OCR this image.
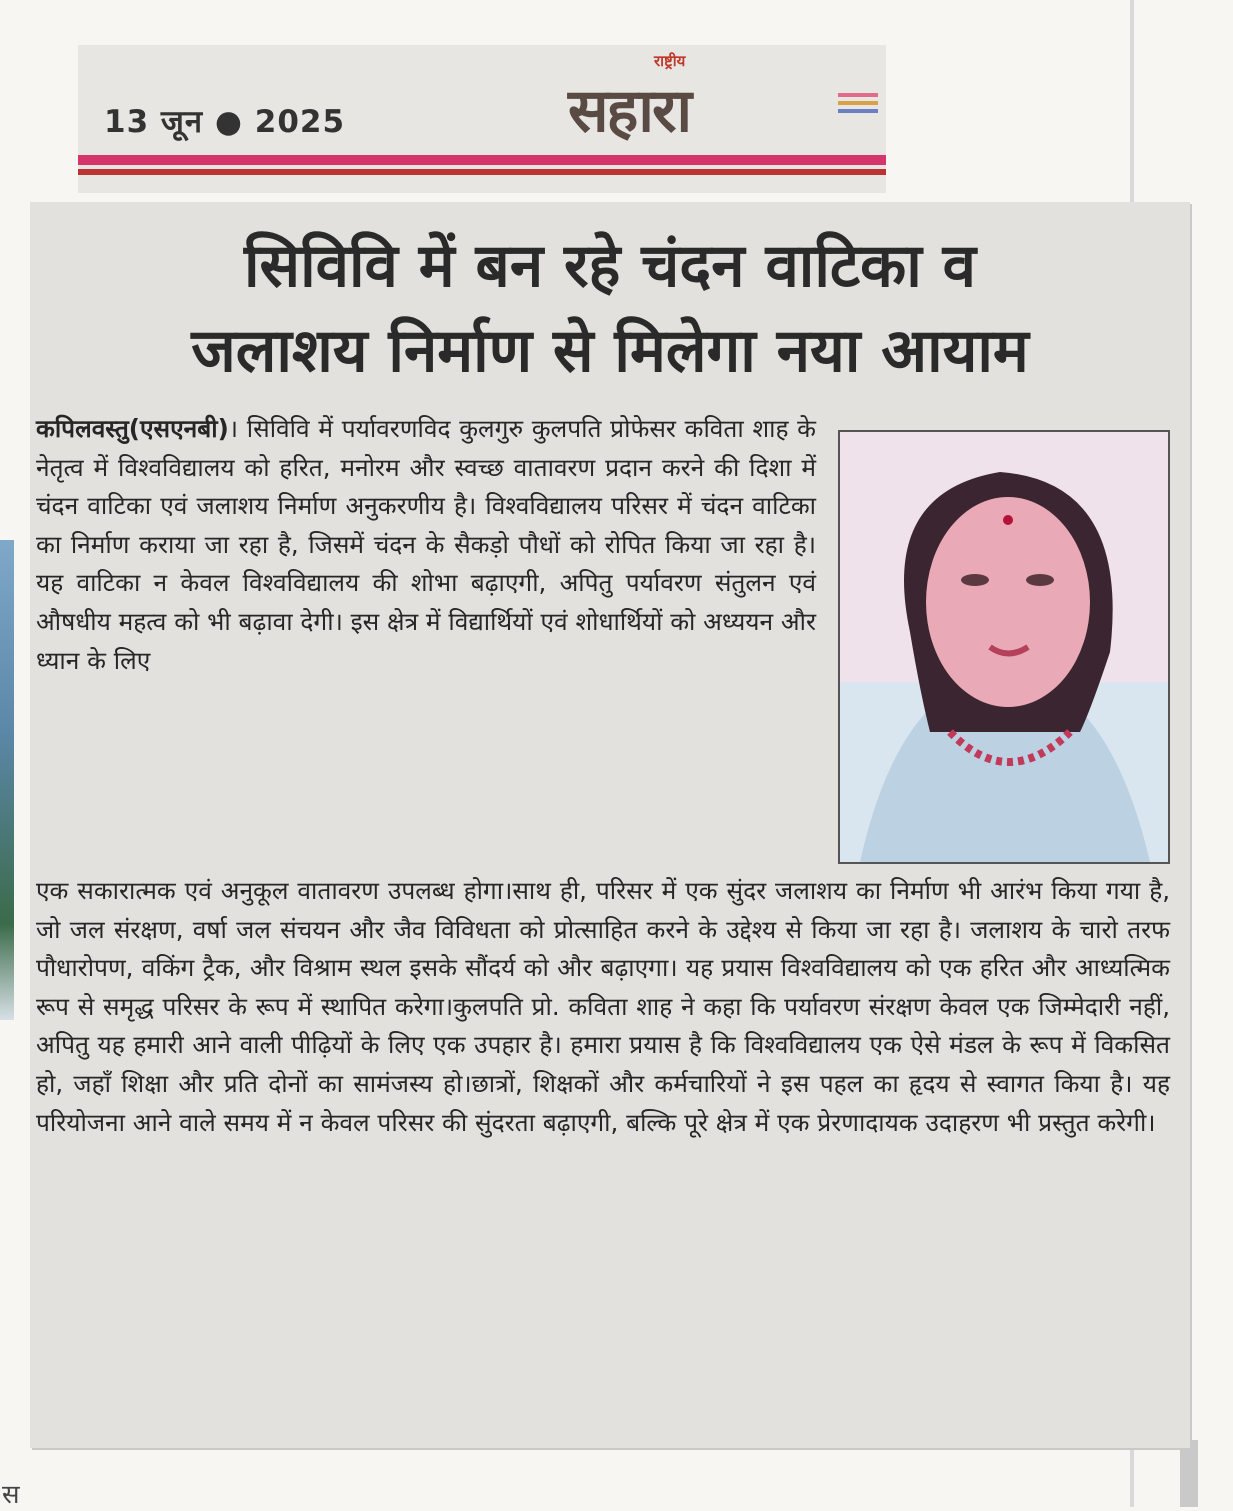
13 जून ● 2025
राष्ट्रीय
सहारा
सिविवि में बन रहे चंदन वाटिका व
जलाशय निर्माण से मिलेगा नया आयाम
कपिलवस्तु(एसएनबी)। सिविवि में पर्यावरणविद कुलगुरु कुलपति प्रोफेसर कविता शाह के नेतृत्व में विश्वविद्यालय को हरित, मनोरम और स्वच्छ वातावरण प्रदान करने की दिशा में चंदन वाटिका एवं जलाशय निर्माण अनुकरणीय है। विश्वविद्यालय परिसर में चंदन वाटिका का निर्माण कराया जा रहा है, जिसमें चंदन के सैकड़ो पौधों को रोपित किया जा रहा है। यह वाटिका न केवल विश्वविद्यालय की शोभा बढ़ाएगी, अपितु पर्यावरण संतुलन एवं औषधीय महत्व को भी बढ़ावा देगी। इस क्षेत्र में विद्यार्थियों एवं शोधार्थियों को अध्ययन और ध्यान के लिए
एक सकारात्मक एवं अनुकूल वातावरण उपलब्ध होगा।साथ ही, परिसर में एक सुंदर जलाशय का निर्माण भी आरंभ किया गया है, जो जल संरक्षण, वर्षा जल संचयन और जैव विविधता को प्रोत्साहित करने के उद्देश्य से किया जा रहा है। जलाशय के चारो तरफ पौधारोपण, वकिंग ट्रैक, और विश्राम स्थल इसके सौंदर्य को और बढ़ाएगा। यह प्रयास विश्वविद्यालय को एक हरित और आध्यत्मिक रूप से समृद्ध परिसर के रूप में स्थापित करेगा।कुलपति प्रो. कविता शाह ने कहा कि पर्यावरण संरक्षण केवल एक जिम्मेदारी नहीं, अपितु यह हमारी आने वाली पीढ़ियों के लिए एक उपहार है। हमारा प्रयास है कि विश्वविद्यालय एक ऐसे मंडल के रूप में विकसित हो, जहाँ शिक्षा और प्रति दोनों का सामंजस्य हो।छात्रों, शिक्षकों और कर्मचारियों ने इस पहल का हृदय से स्वागत किया है। यह परियोजना आने वाले समय में न केवल परिसर की सुंदरता बढ़ाएगी, बल्कि पूरे क्षेत्र में एक प्रेरणादायक उदाहरण भी प्रस्तुत करेगी।
स
